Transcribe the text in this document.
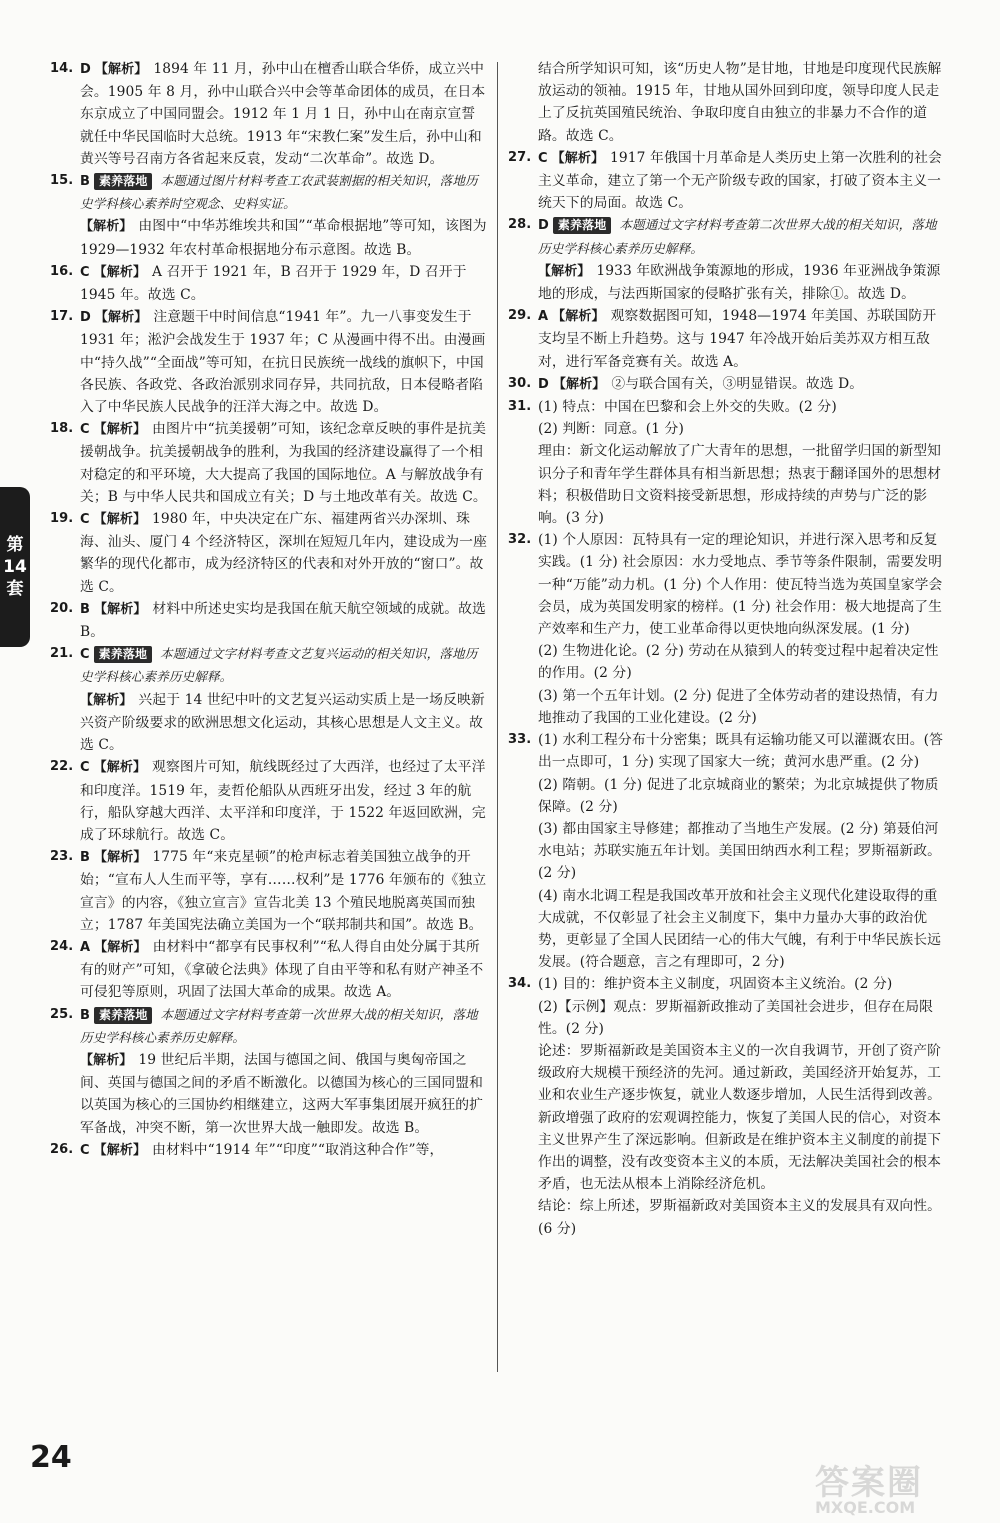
14. D 【解析】 1894 年 11 月，孙中山在檀香山联合华侨，成立兴中会。1905 年 8 月，孙中山联合兴中会等革命团体的成员，在日本东京成立了中国同盟会。1912 年 1 月 1 日，孙中山在南京宣誓就任中华民国临时大总统。1913 年“宋教仁案”发生后，孙中山和黄兴等号召南方各省起来反袁，发动“二次革命”。故选 D。
15. B 素养落地 本题通过图片材料考查工农武装割据的相关知识，落地历史学科核心素养时空观念、史料实证。
【解析】 由图中“中华苏维埃共和国”“革命根据地”等可知，该图为 1929—1932 年农村革命根据地分布示意图。故选 B。
16. C 【解析】 A 召开于 1921 年，B 召开于 1929 年，D 召开于 1945 年。故选 C。
17. D 【解析】 注意题干中时间信息“1941 年”。九一八事变发生于 1931 年；淞沪会战发生于 1937 年；C 从漫画中得不出。由漫画中“持久战”“全面战”等可知，在抗日民族统一战线的旗帜下，中国各民族、各政党、各政治派别求同存异，共同抗敌，日本侵略者陷入了中华民族人民战争的汪洋大海之中。故选 D。
18. C 【解析】 由图片中“抗美援朝”可知，该纪念章反映的事件是抗美援朝战争。抗美援朝战争的胜利，为我国的经济建设赢得了一个相对稳定的和平环境，大大提高了我国的国际地位。A 与解放战争有关；B 与中华人民共和国成立有关；D 与土地改革有关。故选 C。
19. C 【解析】 1980 年，中央决定在广东、福建两省兴办深圳、珠海、汕头、厦门 4 个经济特区，深圳在短短几年内，建设成为一座繁华的现代化都市，成为经济特区的代表和对外开放的“窗口”。故选 C。
20. B 【解析】 材料中所述史实均是我国在航天航空领域的成就。故选 B。
21. C 素养落地 本题通过文字材料考查文艺复兴运动的相关知识，落地历史学科核心素养历史解释。
【解析】 兴起于 14 世纪中叶的文艺复兴运动实质上是一场反映新兴资产阶级要求的欧洲思想文化运动，其核心思想是人文主义。故选 C。
22. C 【解析】 观察图片可知，航线既经过了大西洋，也经过了太平洋和印度洋。1519 年，麦哲伦船队从西班牙出发，经过 3 年的航行，船队穿越大西洋、太平洋和印度洋，于 1522 年返回欧洲，完成了环球航行。故选 C。
23. B 【解析】 1775 年“来克星顿”的枪声标志着美国独立战争的开始；“宣布人人生而平等，享有……权利”是 1776 年颁布的《独立宣言》的内容，《独立宣言》宣告北美 13 个殖民地脱离英国而独立；1787 年美国宪法确立美国为一个“联邦制共和国”。故选 B。
24. A 【解析】 由材料中“都享有民事权利”“私人得自由处分属于其所有的财产”可知，《拿破仑法典》体现了自由平等和私有财产神圣不可侵犯等原则，巩固了法国大革命的成果。故选 A。
25. B 素养落地 本题通过文字材料考查第一次世界大战的相关知识，落地历史学科核心素养历史解释。
【解析】 19 世纪后半期，法国与德国之间、俄国与奥匈帝国之间、英国与德国之间的矛盾不断激化。以德国为核心的三国同盟和以英国为核心的三国协约相继建立，这两大军事集团展开疯狂的扩军备战，冲突不断，第一次世界大战一触即发。故选 B。
26. C 【解析】 由材料中“1914 年”“印度”“取消这种合作”等，
结合所学知识可知，该“历史人物”是甘地，甘地是印度现代民族解放运动的领袖。1915 年，甘地从国外回到印度，领导印度人民走上了反抗英国殖民统治、争取印度自由独立的非暴力不合作的道路。故选 C。
27. C 【解析】 1917 年俄国十月革命是人类历史上第一次胜利的社会主义革命，建立了第一个无产阶级专政的国家，打破了资本主义一统天下的局面。故选 C。
28. D 素养落地 本题通过文字材料考查第二次世界大战的相关知识，落地历史学科核心素养历史解释。
【解析】 1933 年欧洲战争策源地的形成，1936 年亚洲战争策源地的形成，与法西斯国家的侵略扩张有关，排除①。故选 D。
29. A 【解析】 观察数据图可知，1948—1974 年美国、苏联国防开支均呈不断上升趋势。这与 1947 年冷战开始后美苏双方相互敌对，进行军备竞赛有关。故选 A。
30. D 【解析】 ②与联合国有关，③明显错误。故选 D。
31. (1) 特点：中国在巴黎和会上外交的失败。(2 分)
(2) 判断：同意。(1 分)
理由：新文化运动解放了广大青年的思想，一批留学归国的新型知识分子和青年学生群体具有相当新思想；热衷于翻译国外的思想材料；积极借助日文资料接受新思想，形成持续的声势与广泛的影响。(3 分)
32. (1) 个人原因：瓦特具有一定的理论知识，并进行深入思考和反复实践。(1 分) 社会原因：水力受地点、季节等条件限制，需要发明一种“万能”动力机。(1 分) 个人作用：使瓦特当选为英国皇家学会会员，成为英国发明家的榜样。(1 分) 社会作用：极大地提高了生产效率和生产力，使工业革命得以更快地向纵深发展。(1 分)
(2) 生物进化论。(2 分) 劳动在从猿到人的转变过程中起着决定性的作用。(2 分)
(3) 第一个五年计划。(2 分) 促进了全体劳动者的建设热情，有力地推动了我国的工业化建设。(2 分)
33. (1) 水利工程分布十分密集；既具有运输功能又可以灌溉农田。(答出一点即可，1 分) 实现了国家大一统；黄河水患严重。(2 分)
(2) 隋朝。(1 分) 促进了北京城商业的繁荣；为北京城提供了物质保障。(2 分)
(3) 都由国家主导修建；都推动了当地生产发展。(2 分) 第聂伯河水电站；苏联实施五年计划。美国田纳西水利工程；罗斯福新政。(2 分)
(4) 南水北调工程是我国改革开放和社会主义现代化建设取得的重大成就，不仅彰显了社会主义制度下，集中力量办大事的政治优势，更彰显了全国人民团结一心的伟大气魄，有利于中华民族长远发展。(符合题意，言之有理即可，2 分)
34. (1) 目的：维护资本主义制度，巩固资本主义统治。(2 分)
(2)【示例】观点：罗斯福新政推动了美国社会进步，但存在局限性。(2 分)
论述：罗斯福新政是美国资本主义的一次自我调节，开创了资产阶级政府大规模干预经济的先河。通过新政，美国经济开始复苏，工业和农业生产逐步恢复，就业人数逐步增加，人民生活得到改善。新政增强了政府的宏观调控能力，恢复了美国人民的信心，对资本主义世界产生了深远影响。但新政是在维护资本主义制度的前提下作出的调整，没有改变资本主义的本质，无法解决美国社会的根本矛盾，也无法从根本上消除经济危机。
结论：综上所述，罗斯福新政对美国资本主义的发展具有双向性。(6 分)
第
14
套
24
答案圈
MXQE.COM
